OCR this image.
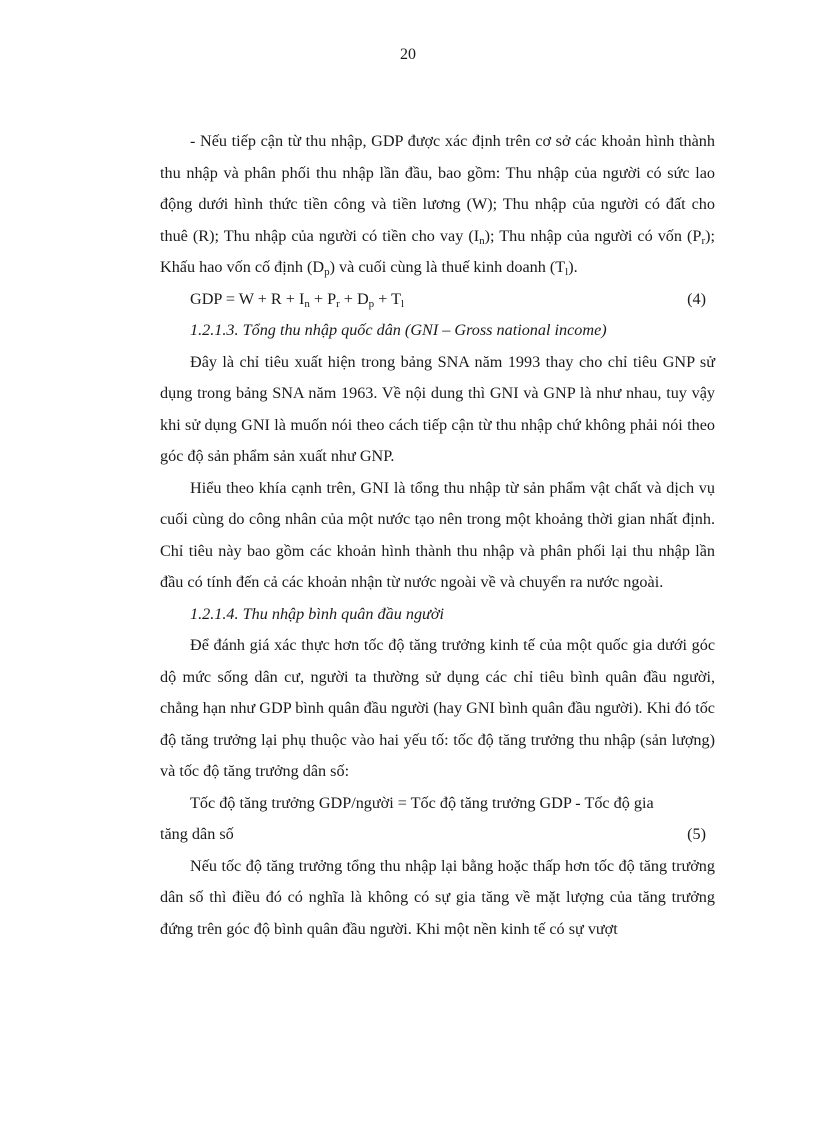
20

- Nếu tiếp cận từ thu nhập, GDP được xác định trên cơ sở các khoản hình thành thu nhập và phân phối thu nhập lần đầu, bao gồm: Thu nhập của người có sức lao động dưới hình thức tiền công và tiền lương (W); Thu nhập của người có đất cho thuê (R); Thu nhập của người có tiền cho vay $(I_n)$; Thu nhập của người có vốn $(P_r)$; Khấu hao vốn cố định $(D_p)$ và cuối cùng là thuế kinh doanh $(T_l)$.

GDP = $W + R + I_n + P_r + D_p + T_l$	(4)

1.2.1.3. Tổng thu nhập quốc dân (GNI – Gross national income)

Đây là chỉ tiêu xuất hiện trong bảng SNA năm 1993 thay cho chỉ tiêu GNP sử dụng trong bảng SNA năm 1963. Về nội dung thì GNI và GNP là như nhau, tuy vậy khi sử dụng GNI là muốn nói theo cách tiếp cận từ thu nhập chứ không phải nói theo góc độ sản phẩm sản xuất như GNP.

Hiểu theo khía cạnh trên, GNI là tổng thu nhập từ sản phẩm vật chất và dịch vụ cuối cùng do công nhân của một nước tạo nên trong một khoảng thời gian nhất định. Chỉ tiêu này bao gồm các khoản hình thành thu nhập và phân phối lại thu nhập lần đầu có tính đến cả các khoản nhận từ nước ngoài về và chuyển ra nước ngoài.

1.2.1.4. Thu nhập bình quân đầu người

Để đánh giá xác thực hơn tốc độ tăng trưởng kinh tế của một quốc gia dưới góc dộ mức sống dân cư, người ta thường sử dụng các chỉ tiêu bình quân đầu người, chẳng hạn như GDP bình quân đầu người (hay GNI bình quân đầu người). Khi đó tốc độ tăng trưởng lại phụ thuộc vào hai yếu tố: tốc độ tăng trưởng thu nhập (sản lượng) và tốc độ tăng trưởng dân số:

Tốc độ tăng trưởng GDP/người = Tốc độ tăng trưởng GDP - Tốc độ gia

tăng dân số	(5)

Nếu tốc độ tăng trưởng tổng thu nhập lại bằng hoặc thấp hơn tốc độ tăng trưởng dân số thì điều đó có nghĩa là không có sự gia tăng về mặt lượng của tăng trưởng đứng trên góc độ bình quân đầu người. Khi một nền kinh tế có sự vượt
